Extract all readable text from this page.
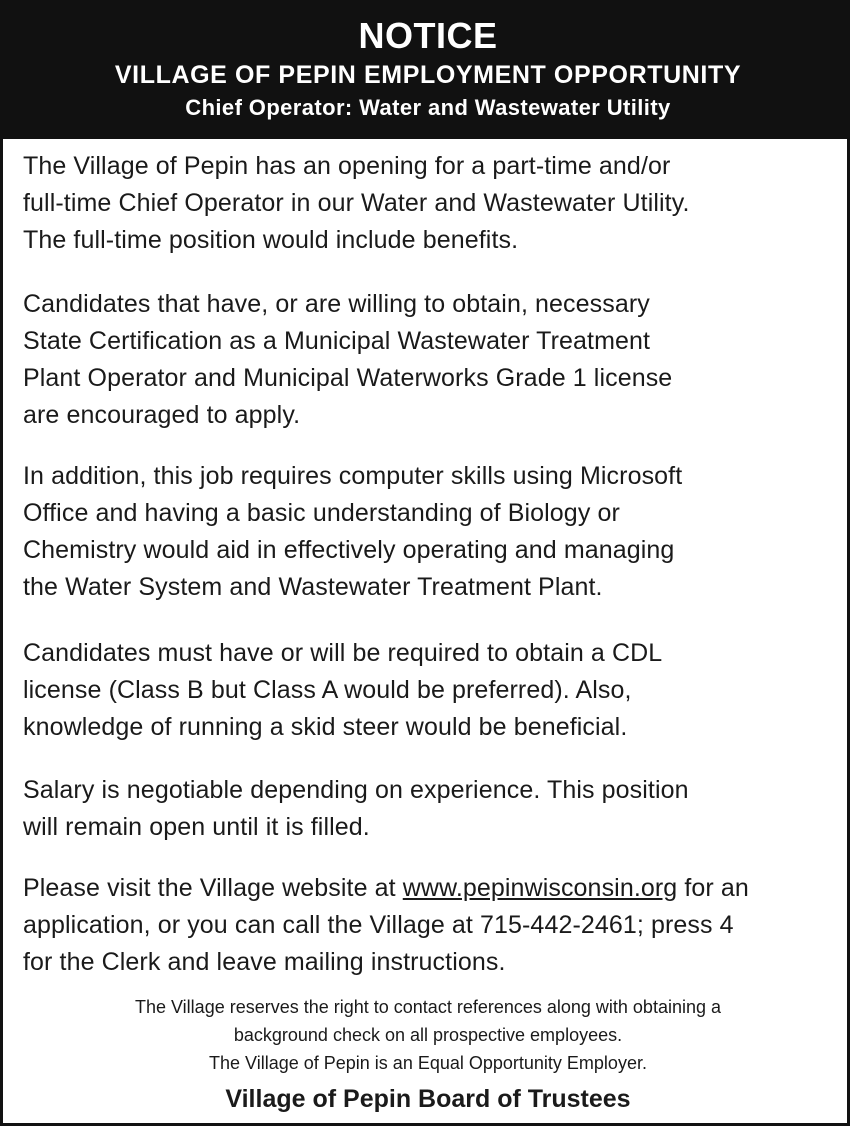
NOTICE
VILLAGE OF PEPIN EMPLOYMENT OPPORTUNITY
Chief Operator: Water and Wastewater Utility

The Village of Pepin has an opening for a part-time and/or
full-time Chief Operator in our Water and Wastewater Utility.
The full-time position would include benefits.

Candidates that have, or are willing to obtain, necessary
State Certification as a Municipal Wastewater Treatment
Plant Operator and Municipal Waterworks Grade 1 license
are encouraged to apply.

In addition, this job requires computer skills using Microsoft
Office and having a basic understanding of Biology or
Chemistry would aid in effectively operating and managing
the Water System and Wastewater Treatment Plant.

Candidates must have or will be required to obtain a CDL
license (Class B but Class A would be preferred). Also,
knowledge of running a skid steer would be beneficial.

Salary is negotiable depending on experience. This position
will remain open until it is filled.

Please visit the Village website at www.pepinwisconsin.org for an
application, or you can call the Village at 715-442-2461; press 4
for the Clerk and leave mailing instructions.

The Village reserves the right to contact references along with obtaining a
background check on all prospective employees.
The Village of Pepin is an Equal Opportunity Employer.

Village of Pepin Board of Trustees
